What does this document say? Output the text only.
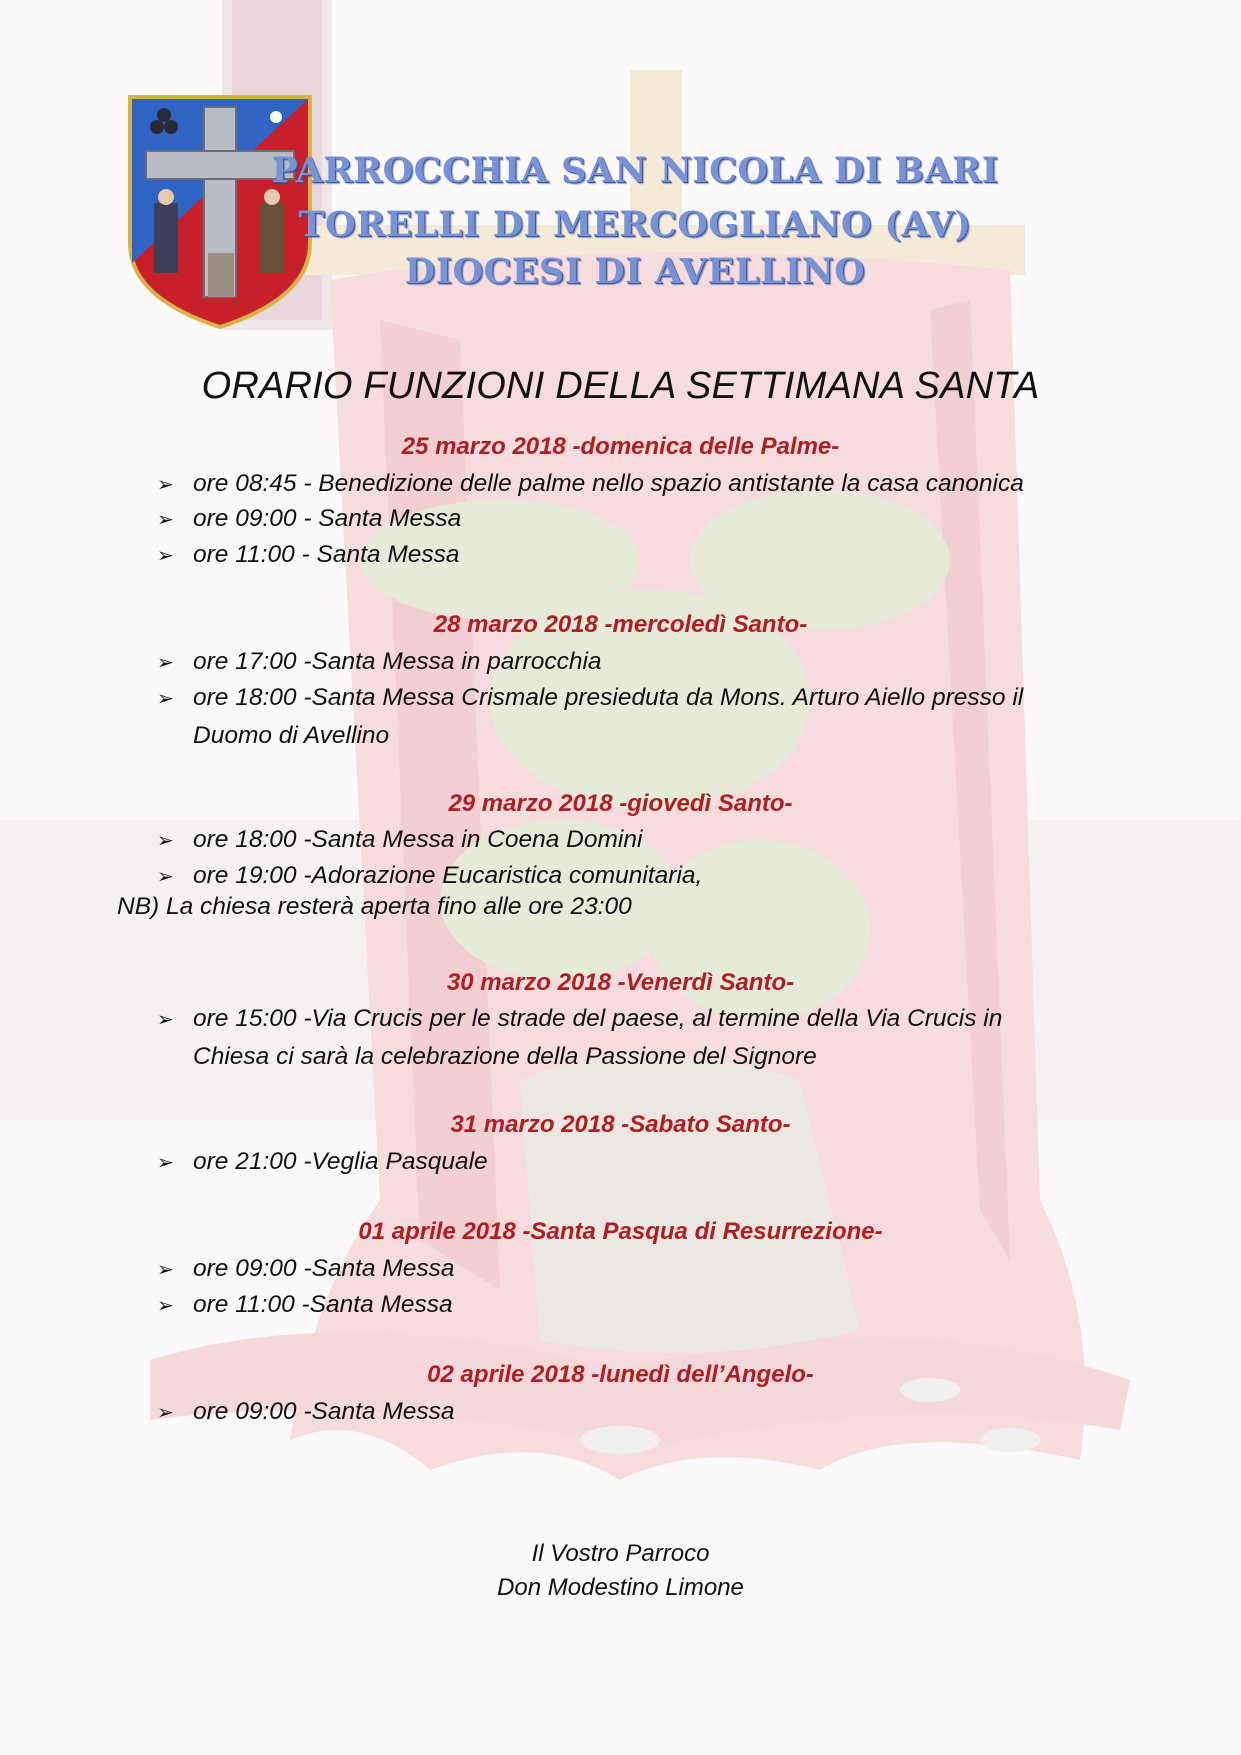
PARROCCHIA SAN NICOLA DI BARI
TORELLI DI MERCOGLIANO (AV)
DIOCESI DI AVELLINO
ORARIO FUNZIONI DELLA SETTIMANA SANTA
25 marzo 2018 -domenica delle Palme-
➢ ore 08:45 - Benedizione delle palme nello spazio antistante la casa canonica
➢ ore 09:00 - Santa Messa
➢ ore 11:00 - Santa Messa
28 marzo 2018 -mercoledì Santo-
➢ ore 17:00 -Santa Messa in parrocchia
➢ ore 18:00 -Santa Messa Crismale presieduta da Mons. Arturo Aiello presso il
Duomo di Avellino
29 marzo 2018 -giovedì Santo-
➢ ore 18:00 -Santa Messa in Coena Domini
➢ ore 19:00 -Adorazione Eucaristica comunitaria,
NB) La chiesa resterà aperta fino alle ore 23:00
30 marzo 2018 -Venerdì Santo-
➢ ore 15:00 -Via Crucis per le strade del paese, al termine della Via Crucis in
Chiesa ci sarà la celebrazione della Passione del Signore
31 marzo 2018 -Sabato Santo-
➢ ore 21:00 -Veglia Pasquale
01 aprile 2018 -Santa Pasqua di Resurrezione-
➢ ore 09:00 -Santa Messa
➢ ore 11:00 -Santa Messa
02 aprile 2018 -lunedì dell’Angelo-
➢ ore 09:00 -Santa Messa
Il Vostro Parroco
Don Modestino Limone
